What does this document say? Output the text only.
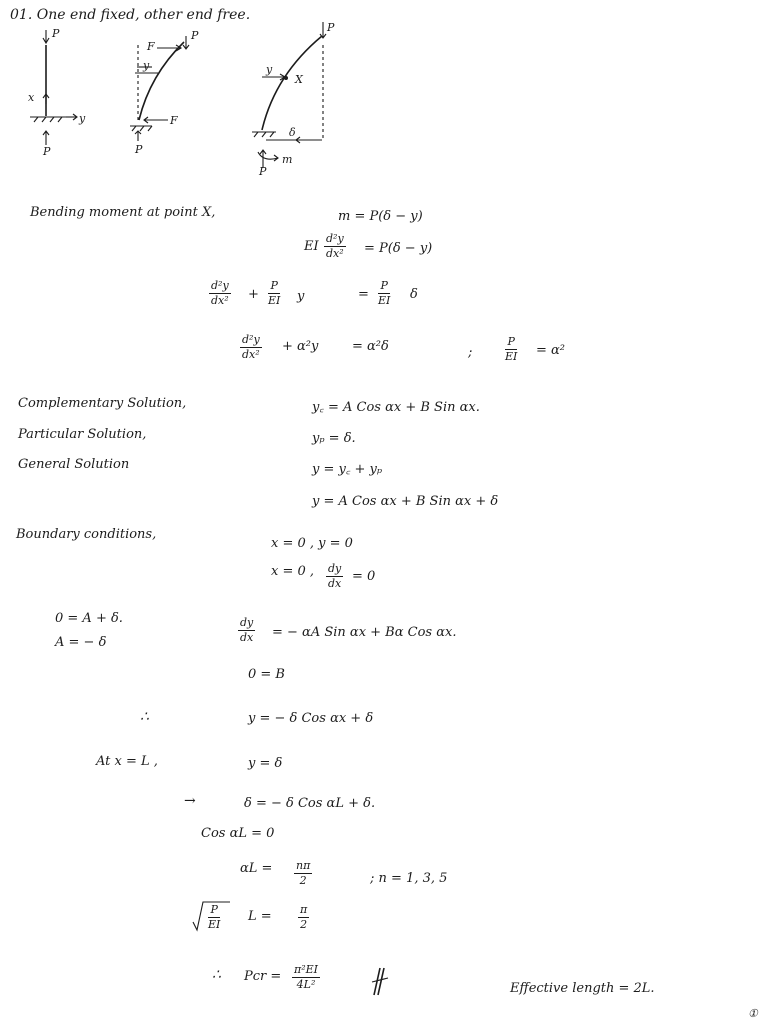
01. One end fixed, other end free.
P
x
y
P
P
F
y
F
P
P
y
X
δ
m
P
Bending moment at point X,	m = P(δ − y)
EI $\frac{\text{d²y}}{\text{dx²}} = P(\delta - y)$
$\frac{\text{d²y}}{\text{dx²}} + \frac{P}{EI}$ y	= $\frac{P}{EI}$ δ
$\frac{\text{d²y}}{\text{dx²}} + \alpha^2y$	= α²δ	;	$\frac{P}{EI} = \alpha^2$
Complementary Solution,	y꜀ = A Cos αx + B Sin αx.
Particular Solution,	yₚ = δ.
General Solution	y = y꜀ + yₚ
y = A Cos αx + B Sin αx + δ
Boundary conditions,
x = 0 , y = 0
x = 0 , $\frac{dy}{dx} = 0$
0 = A + δ.
A = − δ	$\frac{dy}{dx}$ = − αA Sin αx + Bα Cos αx.
0 = B
∴	y = − δ Cos αx + δ
At x = L ,	y = δ
→	δ = − δ Cos αL + δ.
Cos αL = 0
$\alpha L = \frac{n\pi}{2}$	; n = 1, 3, 5
$\frac{P}{EI}$ $L = \frac{\pi}{2}$
∴ Pcr = $\frac{\text{π²EI}}{\text{4L²}}$	Effective length = 2L.
①
